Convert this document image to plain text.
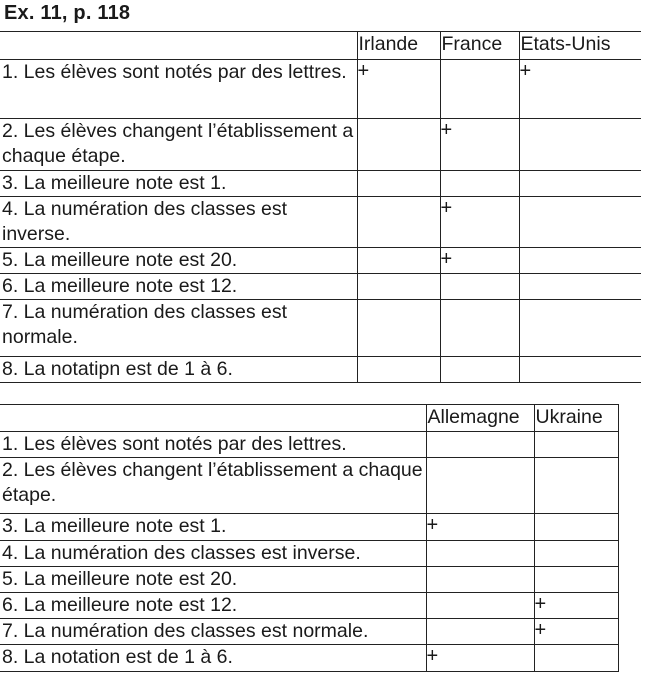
Ex. 11, p. 118
	Irlande	France	Etats-Unis
1. Les élèves sont notés par des lettres.	+		+
2. Les élèves changent l’établissement a chaque étape.		+	
3. La meilleure note est 1.			
4. La numération des classes est inverse.		+	
5. La meilleure note est 20.		+	
6. La meilleure note est 12.			
7. La numération des classes est normale.			
8. La notatipn est de 1 à 6.			
	Allemagne	Ukraine
1. Les élèves sont notés par des lettres.		
2. Les élèves changent l’établissement a chaque étape.		
3. La meilleure note est 1.	+	
4. La numération des classes est inverse.		
5. La meilleure note est 20.		
6. La meilleure note est 12.		+
7. La numération des classes est normale.		+
8. La notation est de 1 à 6.	+	
